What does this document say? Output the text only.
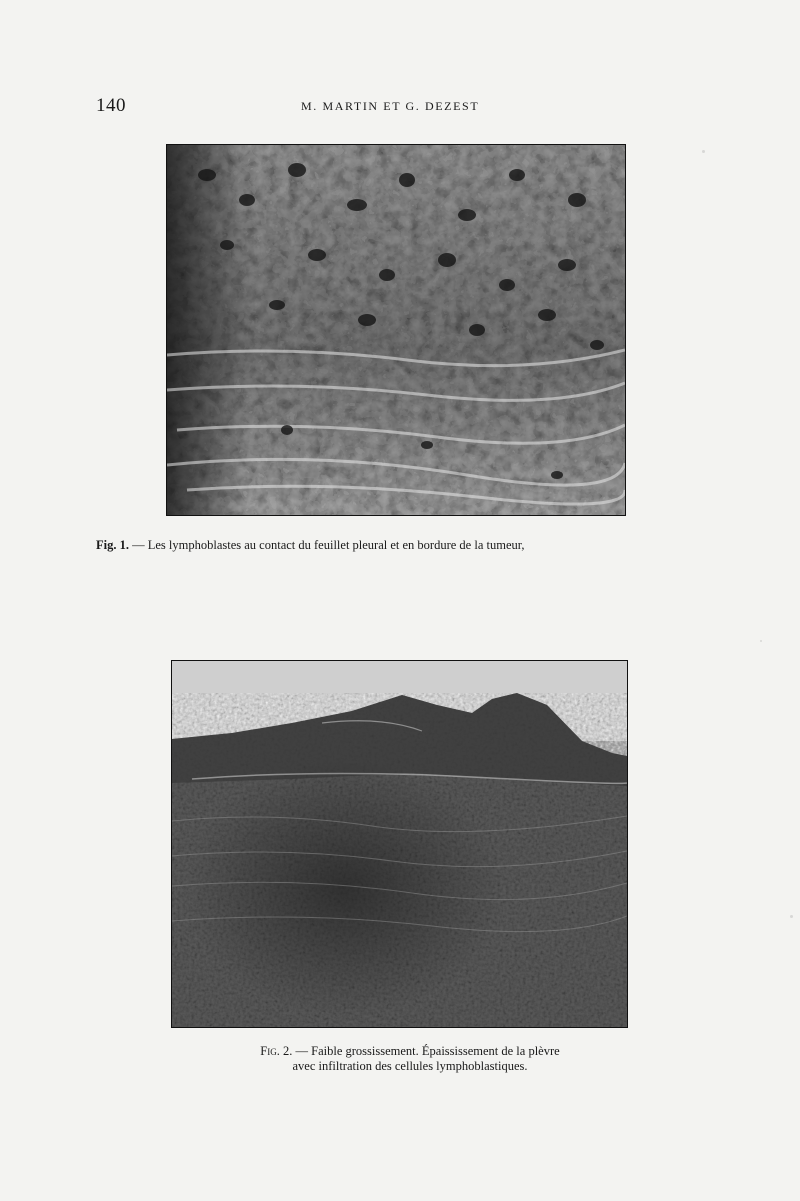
140	M. MARTIN ET G. DEZEST
Fig. 1. — Les lymphoblastes au contact du feuillet pleural et en bordure de la tumeur,
Fig. 2. — Faible grossissement. Épaississement de la plèvre
avec infiltration des cellules lymphoblastiques.
